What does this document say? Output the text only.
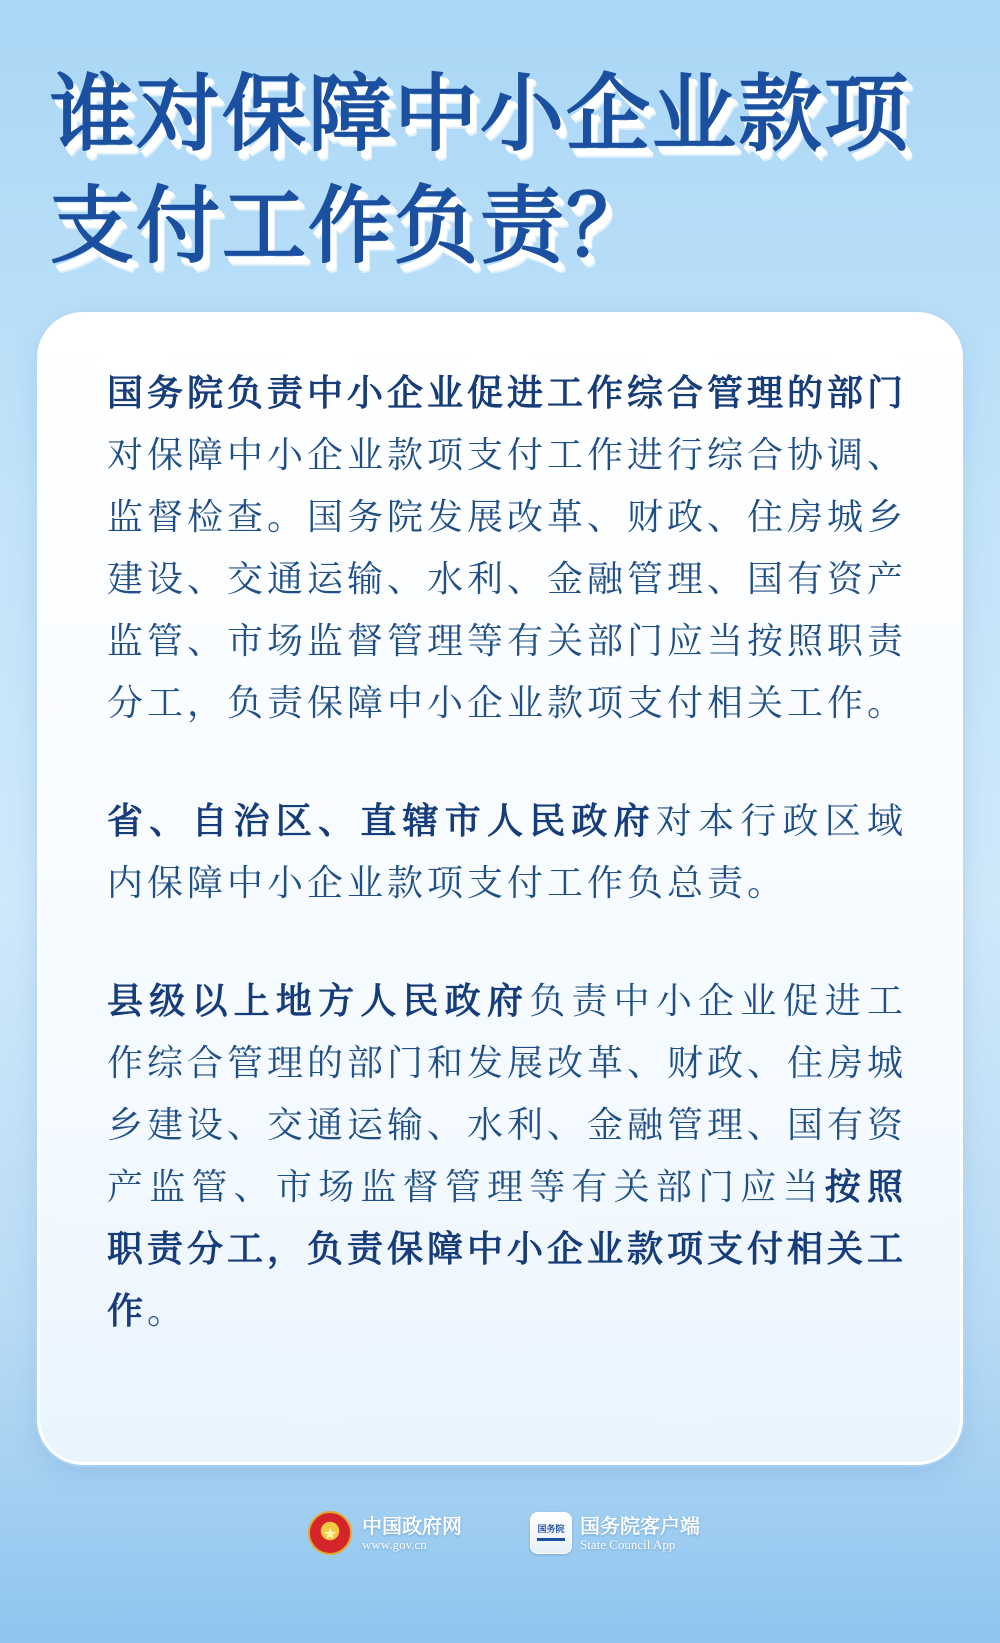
谁对保障中小企业款项
支付工作负责？

国务院负责中小企业促进工作综合管理的部门对保障中小企业款项支付工作进行综合协调、监督检查。国务院发展改革、财政、住房城乡建设、交通运输、水利、金融管理、国有资产监管、市场监督管理等有关部门应当按照职责分工，负责保障中小企业款项支付相关工作。

省、自治区、直辖市人民政府对本行政区域内保障中小企业款项支付工作负总责。

县级以上地方人民政府负责中小企业促进工作综合管理的部门和发展改革、财政、住房城乡建设、交通运输、水利、金融管理、国有资产监管、市场监督管理等有关部门应当按照职责分工，负责保障中小企业款项支付相关工作。

★	中国政府网
www.gov.cn
国务院 国务院客户端
State Council App
